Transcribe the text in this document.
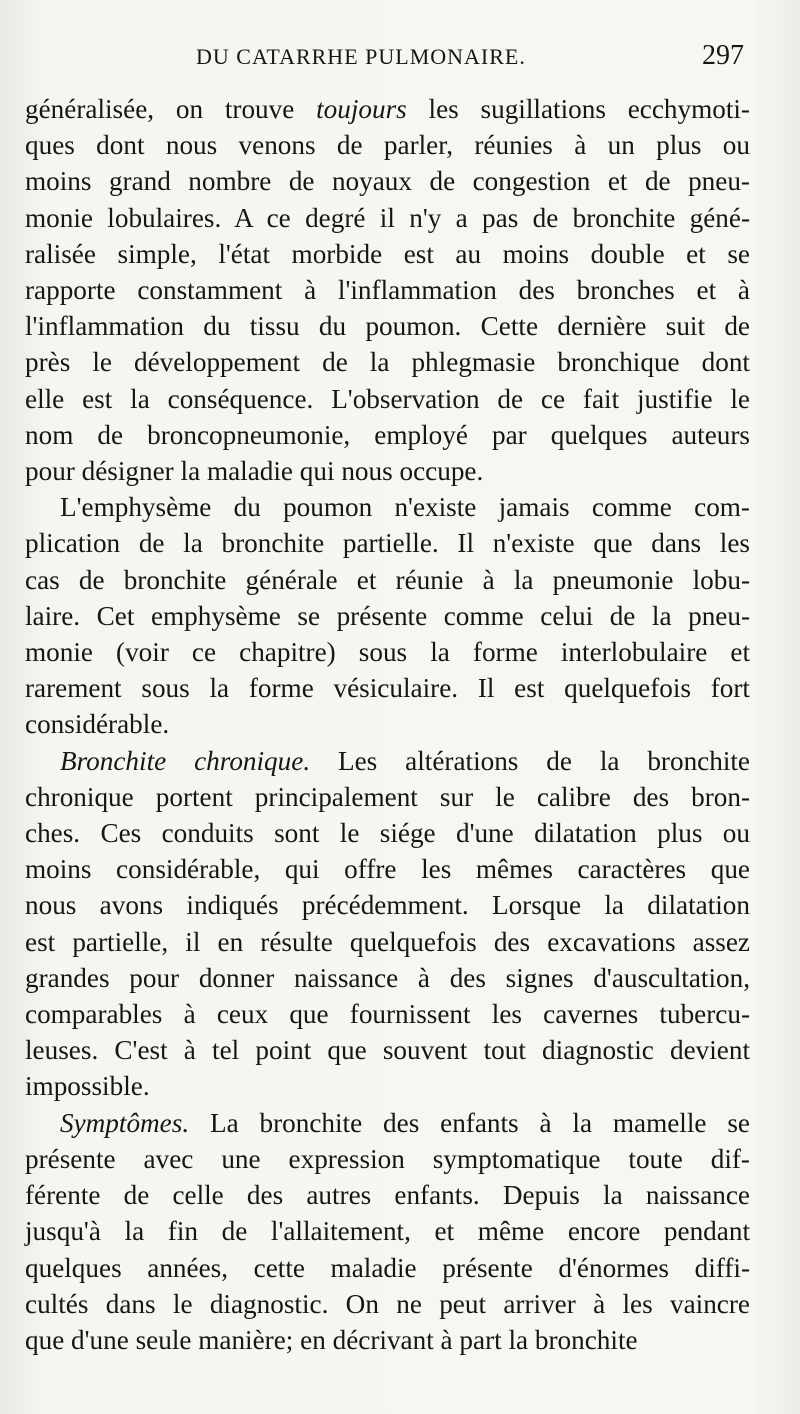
DU CATARRHE PULMONAIRE.	297
généralisée, on trouve toujours les sugillations ecchymoti-
ques dont nous venons de parler, réunies à un plus ou
moins grand nombre de noyaux de congestion et de pneu-
monie lobulaires. A ce degré il n'y a pas de bronchite géné-
ralisée simple, l'état morbide est au moins double et se
rapporte constamment à l'inflammation des bronches et à
l'inflammation du tissu du poumon. Cette dernière suit de
près le développement de la phlegmasie bronchique dont
elle est la conséquence. L'observation de ce fait justifie le
nom de broncopneumonie, employé par quelques auteurs
pour désigner la maladie qui nous occupe.
L'emphysème du poumon n'existe jamais comme com-
plication de la bronchite partielle. Il n'existe que dans les
cas de bronchite générale et réunie à la pneumonie lobu-
laire. Cet emphysème se présente comme celui de la pneu-
monie (voir ce chapitre) sous la forme interlobulaire et
rarement sous la forme vésiculaire. Il est quelquefois fort
considérable.
Bronchite chronique. Les altérations de la bronchite
chronique portent principalement sur le calibre des bron-
ches. Ces conduits sont le siége d'une dilatation plus ou
moins considérable, qui offre les mêmes caractères que
nous avons indiqués précédemment. Lorsque la dilatation
est partielle, il en résulte quelquefois des excavations assez
grandes pour donner naissance à des signes d'auscultation,
comparables à ceux que fournissent les cavernes tubercu-
leuses. C'est à tel point que souvent tout diagnostic devient
impossible.
Symptômes. La bronchite des enfants à la mamelle se
présente avec une expression symptomatique toute dif-
férente de celle des autres enfants. Depuis la naissance
jusqu'à la fin de l'allaitement, et même encore pendant
quelques années, cette maladie présente d'énormes diffi-
cultés dans le diagnostic. On ne peut arriver à les vaincre
que d'une seule manière; en décrivant à part la bronchite
